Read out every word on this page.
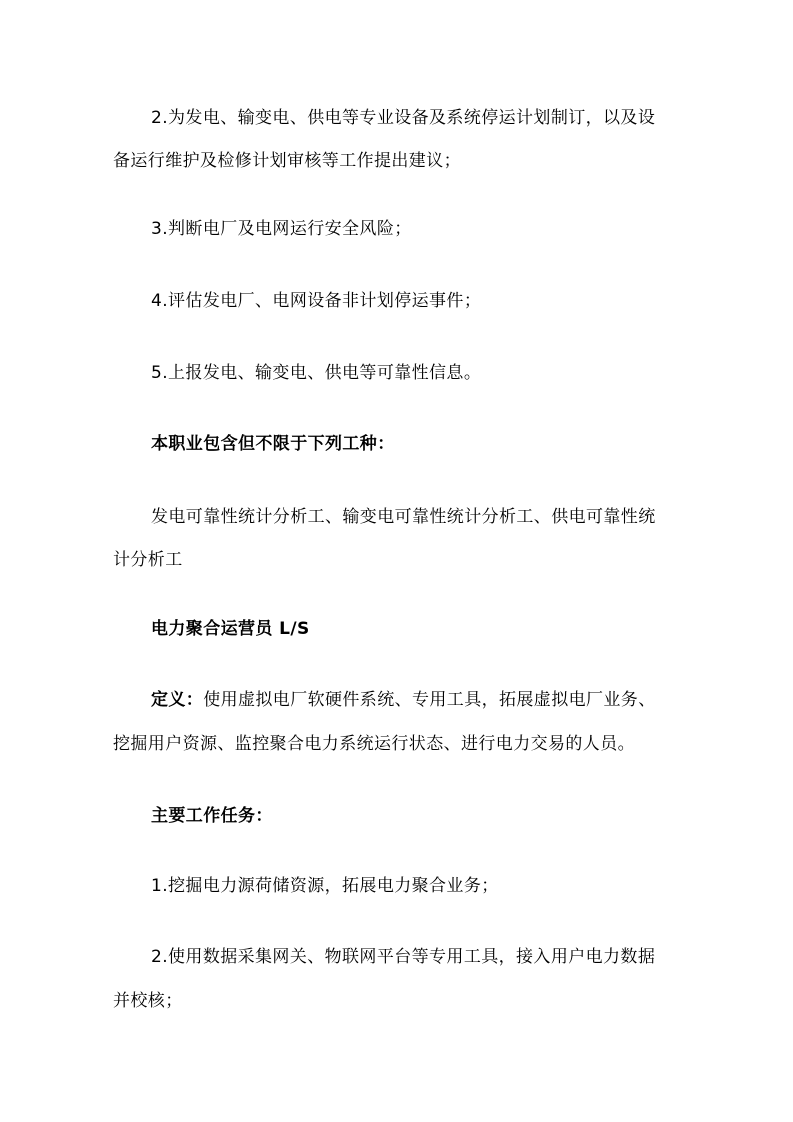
2.为发电、输变电、供电等专业设备及系统停运计划制订，以及设
备运行维护及检修计划审核等工作提出建议；
3.判断电厂及电网运行安全风险；
4.评估发电厂、电网设备非计划停运事件；
5.上报发电、输变电、供电等可靠性信息。
本职业包含但不限于下列工种：
发电可靠性统计分析工、输变电可靠性统计分析工、供电可靠性统
计分析工
电力聚合运营员 L/S
定义：使用虚拟电厂软硬件系统、专用工具，拓展虚拟电厂业务、
挖掘用户资源、监控聚合电力系统运行状态、进行电力交易的人员。
主要工作任务：
1.挖掘电力源荷储资源，拓展电力聚合业务；
2.使用数据采集网关、物联网平台等专用工具，接入用户电力数据
并校核；
